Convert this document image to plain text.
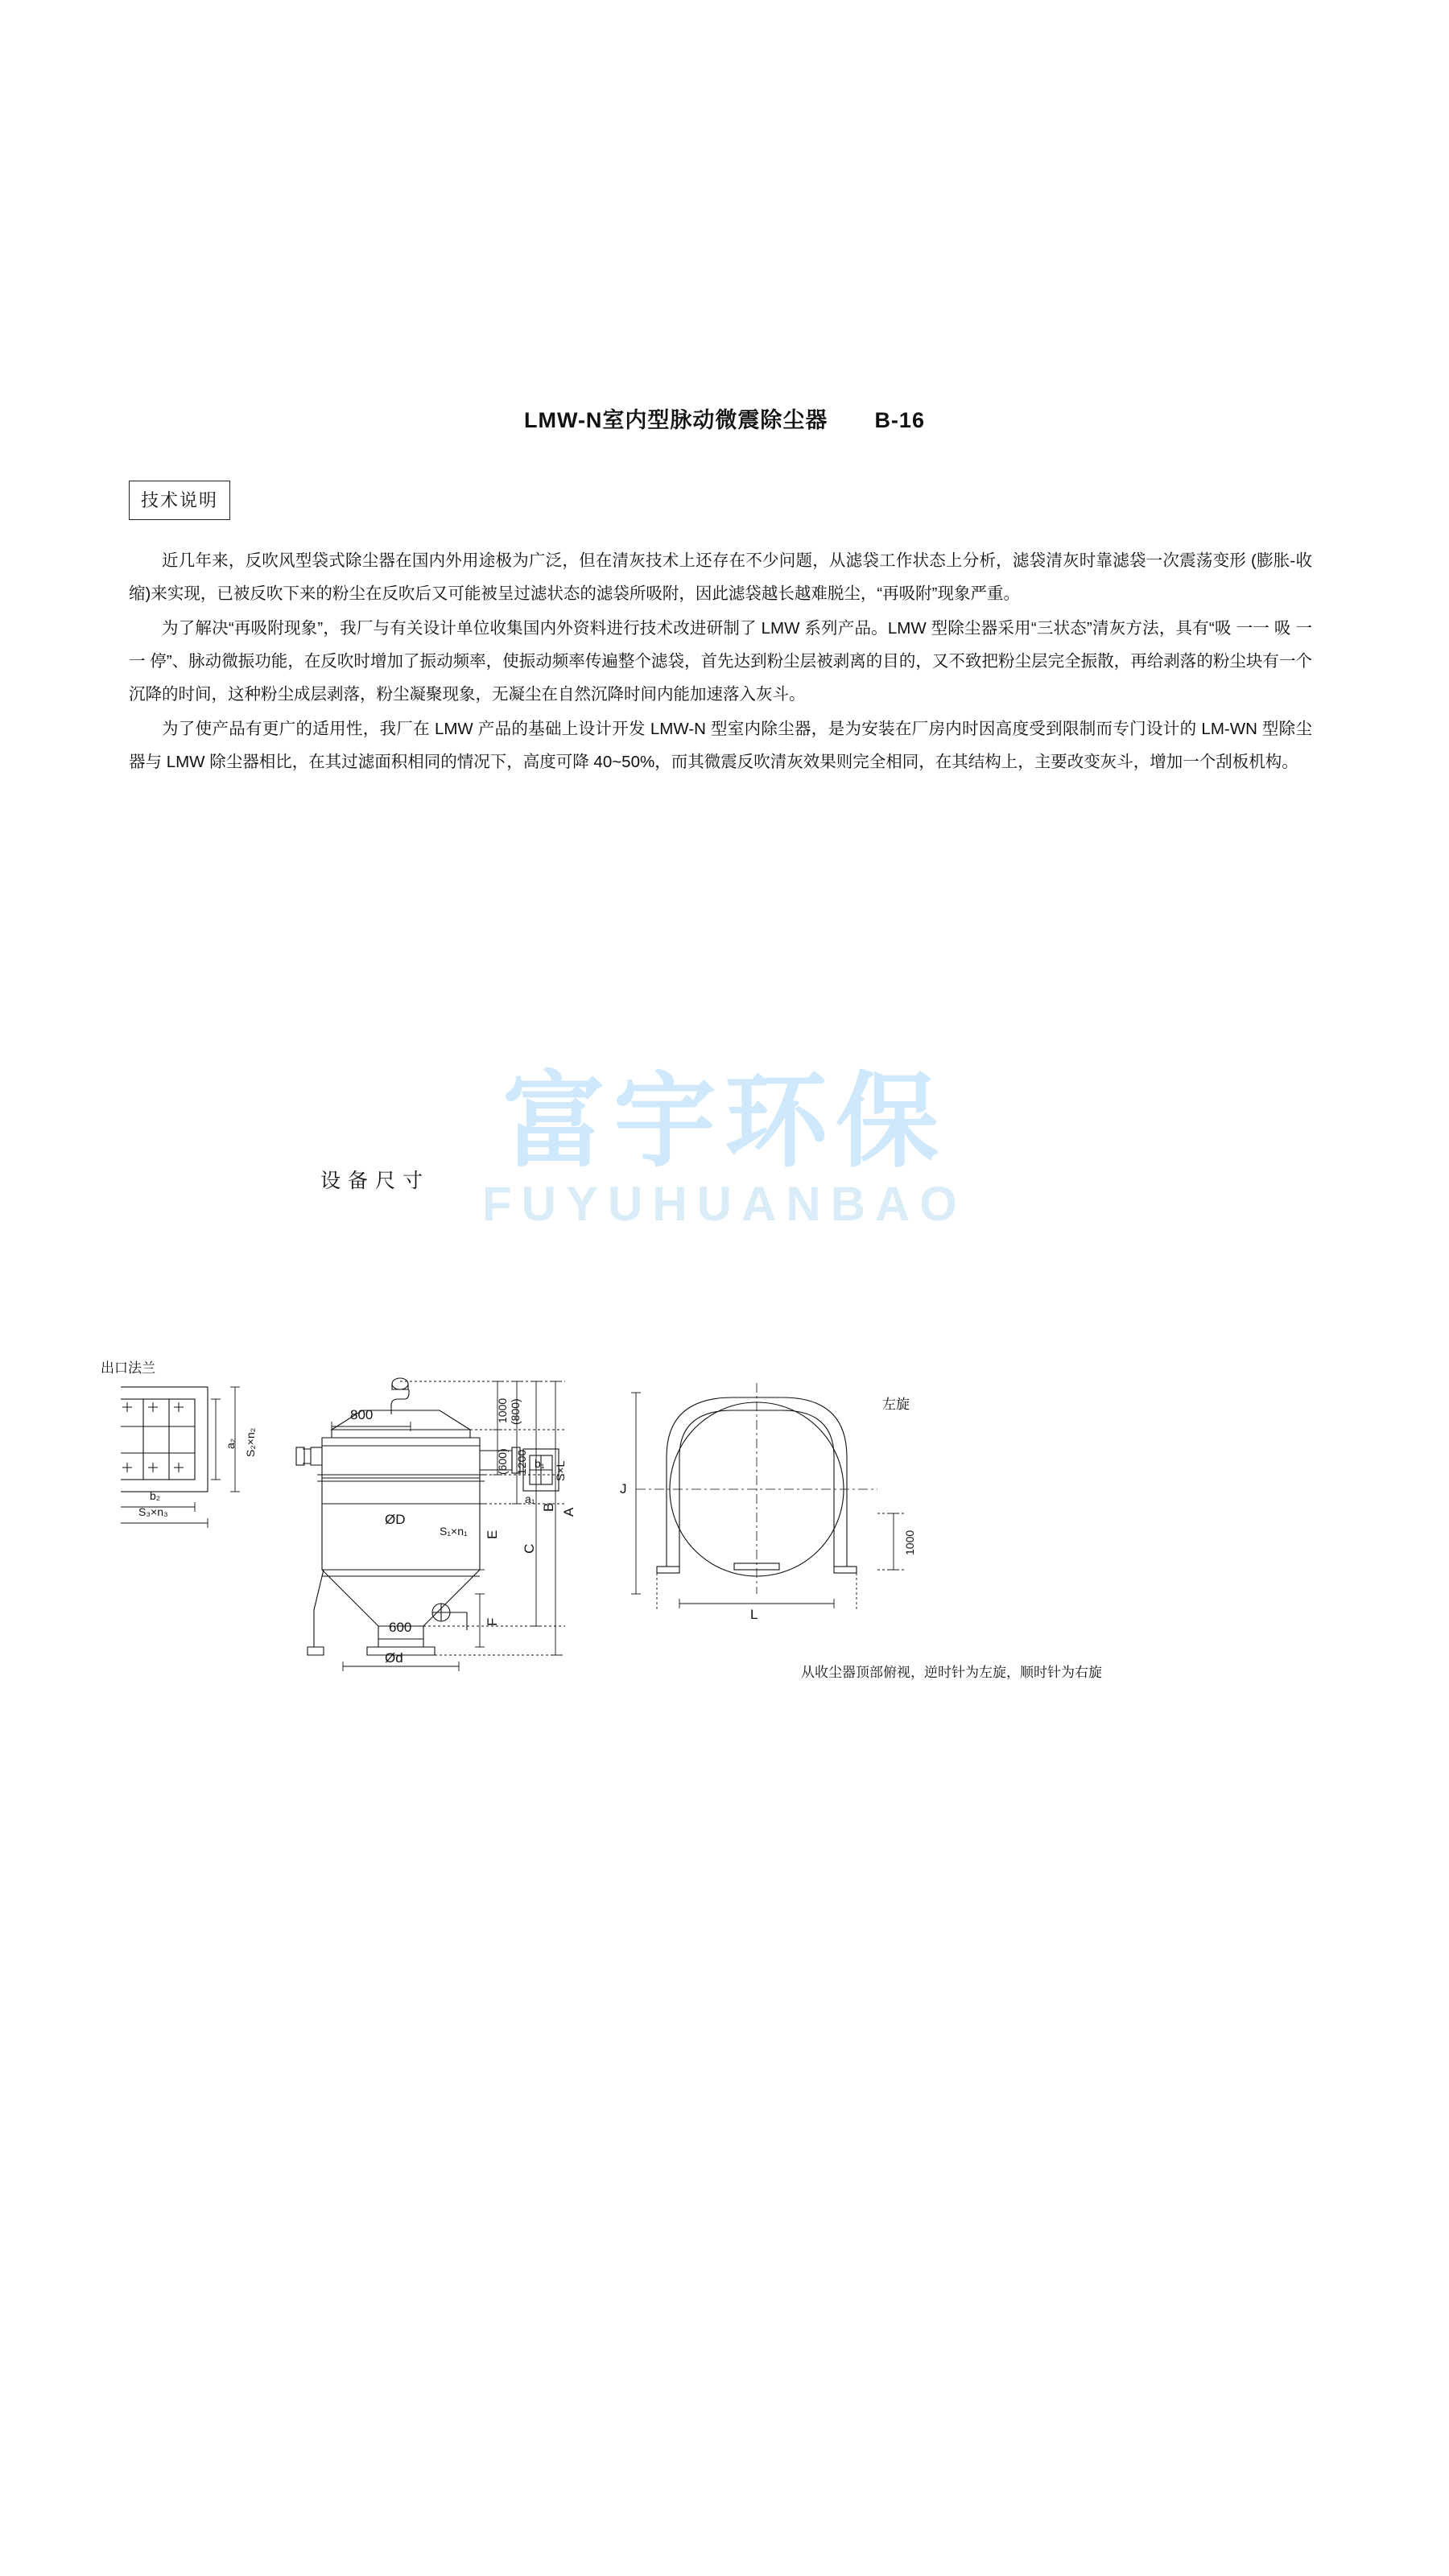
LMW-N室内型脉动微震除尘器 B-16
技术说明

近几年来，反吹风型袋式除尘器在国内外用途极为广泛，但在清灰技术上还存在不少问题，从滤袋工作状态上分析，滤袋清灰时靠滤袋一次震荡变形 (膨胀-收缩)来实现，已被反吹下来的粉尘在反吹后又可能被呈过滤状态的滤袋所吸附，因此滤袋越长越难脱尘，“再吸附”现象严重。

为了解决“再吸附现象”，我厂与有关设计单位收集国内外资料进行技术改进研制了 LMW 系列产品。LMW 型除尘器采用“三状态”清灰方法，具有“吸 一一 吸 一一 停”、脉动微振功能，在反吹时增加了振动频率，使振动频率传遍整个滤袋，首先达到粉尘层被剥离的目的，又不致把粉尘层完全振散，再给剥落的粉尘块有一个沉降的时间，这种粉尘成层剥落，粉尘凝聚现象，无凝尘在自然沉降时间内能加速落入灰斗。

为了使产品有更广的适用性，我厂在 LMW 产品的基础上设计开发 LMW-N 型室内除尘器，是为安装在厂房内时因高度受到限制而专门设计的 LM-WN 型除尘器与 LMW 除尘器相比，在其过滤面积相同的情况下，高度可降 40~50%，而其微震反吹清灰效果则完全相同，在其结构上，主要改变灰斗，增加一个刮板机构。

富宇环保
FUYUHUANBAO
设备尺寸
出口法兰
a₂ S₂×n₂
b₂
S₃×n₃
800
600
ØD
Ød
S₁×n₁
a₁
b₁ S×L
1000 (800)
(600) 1200
A
B
C
E
F
左旋
1000
J
L
从收尘器顶部俯视，逆时针为左旋，顺时针为右旋
